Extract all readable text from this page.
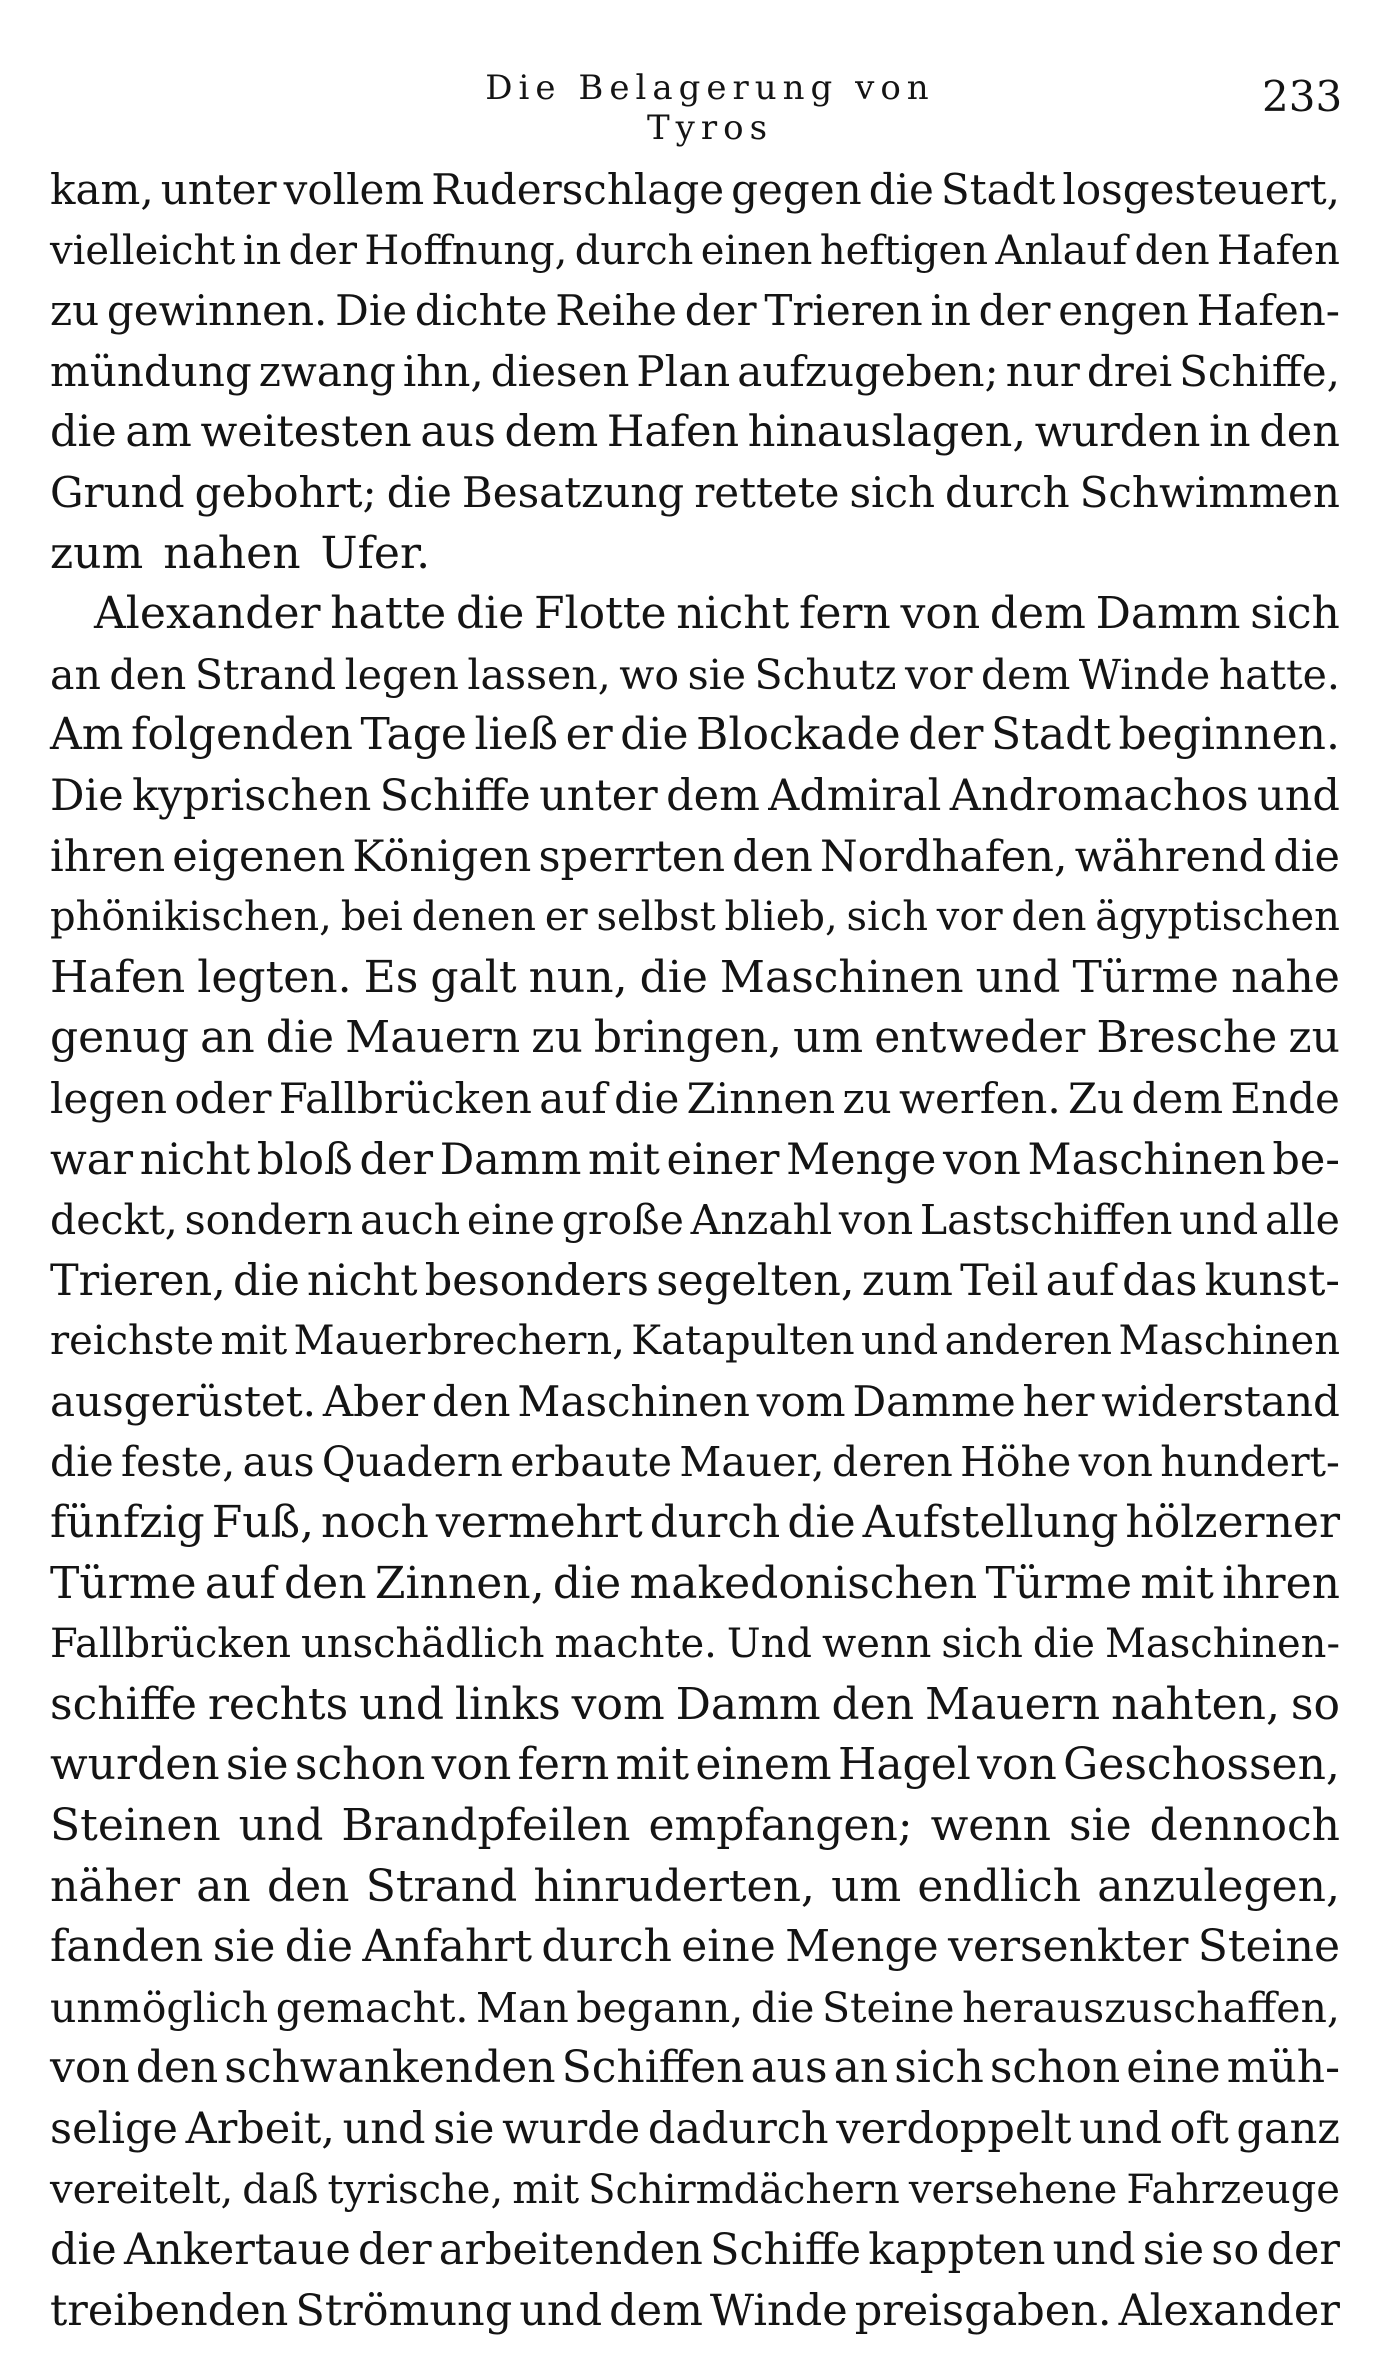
Die Belagerung von Tyros
233
kam, unter vollem Ruderschlage gegen die Stadt losgesteuert,
vielleicht in der Hoffnung, durch einen heftigen Anlauf den Hafen
zu gewinnen. Die dichte Reihe der Trieren in der engen Hafen-
mündung zwang ihn, diesen Plan aufzugeben; nur drei Schiffe,
die am weitesten aus dem Hafen hinauslagen, wurden in den
Grund gebohrt; die Besatzung rettete sich durch Schwimmen
zum nahen Ufer.
Alexander hatte die Flotte nicht fern von dem Damm sich
an den Strand legen lassen, wo sie Schutz vor dem Winde hatte.
Am folgenden Tage ließ er die Blockade der Stadt beginnen.
Die kyprischen Schiffe unter dem Admiral Andromachos und
ihren eigenen Königen sperrten den Nordhafen, während die
phönikischen, bei denen er selbst blieb, sich vor den ägyptischen
Hafen legten. Es galt nun, die Maschinen und Türme nahe
genug an die Mauern zu bringen, um entweder Bresche zu
legen oder Fallbrücken auf die Zinnen zu werfen. Zu dem Ende
war nicht bloß der Damm mit einer Menge von Maschinen be-
deckt, sondern auch eine große Anzahl von Lastschiffen und alle
Trieren, die nicht besonders segelten, zum Teil auf das kunst-
reichste mit Mauerbrechern, Katapulten und anderen Maschinen
ausgerüstet. Aber den Maschinen vom Damme her widerstand
die feste, aus Quadern erbaute Mauer, deren Höhe von hundert-
fünfzig Fuß, noch vermehrt durch die Aufstellung hölzerner
Türme auf den Zinnen, die makedonischen Türme mit ihren
Fallbrücken unschädlich machte. Und wenn sich die Maschinen-
schiffe rechts und links vom Damm den Mauern nahten, so
wurden sie schon von fern mit einem Hagel von Geschossen,
Steinen und Brandpfeilen empfangen; wenn sie dennoch
näher an den Strand hinruderten, um endlich anzulegen,
fanden sie die Anfahrt durch eine Menge versenkter Steine
unmöglich gemacht. Man begann, die Steine herauszuschaffen,
von den schwankenden Schiffen aus an sich schon eine müh-
selige Arbeit, und sie wurde dadurch verdoppelt und oft ganz
vereitelt, daß tyrische, mit Schirmdächern versehene Fahrzeuge
die Ankertaue der arbeitenden Schiffe kappten und sie so der
treibenden Strömung und dem Winde preisgaben. Alexander
